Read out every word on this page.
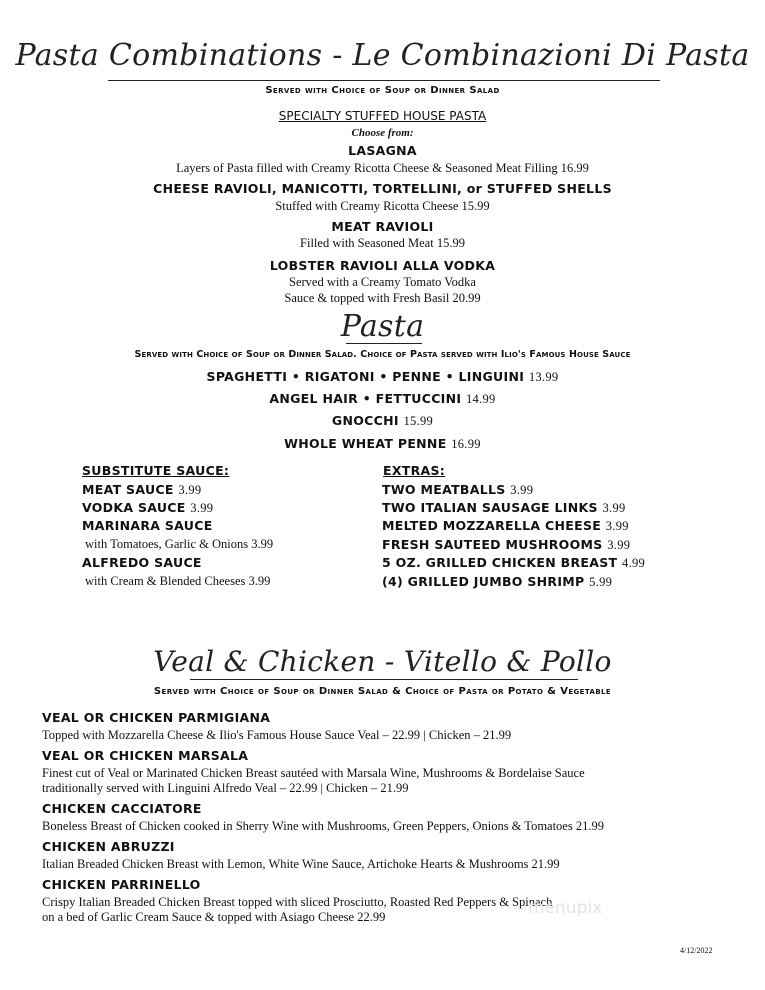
Pasta Combinations - Le Combinazioni Di Pasta
Served with Choice of Soup or Dinner Salad
SPECIALTY STUFFED HOUSE PASTA
Choose from:
LASAGNA
Layers of Pasta filled with Creamy Ricotta Cheese & Seasoned Meat Filling 16.99
CHEESE RAVIOLI, MANICOTTI, TORTELLINI, or STUFFED SHELLS
Stuffed with Creamy Ricotta Cheese 15.99
MEAT RAVIOLI
Filled with Seasoned Meat 15.99
LOBSTER RAVIOLI ALLA VODKA
Served with a Creamy Tomato Vodka
Sauce & topped with Fresh Basil 20.99
Pasta
Served with Choice of Soup or Dinner Salad. Choice of Pasta served with Ilio's Famous House Sauce
SPAGHETTI • RIGATONI • PENNE • LINGUINI 13.99
ANGEL HAIR • FETTUCCINI 14.99
GNOCCHI 15.99
WHOLE WHEAT PENNE 16.99
SUBSTITUTE SAUCE:
MEAT SAUCE 3.99
VODKA SAUCE 3.99
MARINARA SAUCE
with Tomatoes, Garlic & Onions 3.99
ALFREDO SAUCE
with Cream & Blended Cheeses 3.99
EXTRAS:
TWO MEATBALLS 3.99
TWO ITALIAN SAUSAGE LINKS 3.99
MELTED MOZZARELLA CHEESE 3.99
FRESH SAUTEED MUSHROOMS 3.99
5 OZ. GRILLED CHICKEN BREAST 4.99
(4) GRILLED JUMBO SHRIMP 5.99
Veal & Chicken - Vitello & Pollo
Served with Choice of Soup or Dinner Salad & Choice of Pasta or Potato & Vegetable
VEAL OR CHICKEN PARMIGIANA
Topped with Mozzarella Cheese & Ilio's Famous House Sauce Veal – 22.99 | Chicken – 21.99
VEAL OR CHICKEN MARSALA
Finest cut of Veal or Marinated Chicken Breast sautéed with Marsala Wine, Mushrooms & Bordelaise Sauce
traditionally served with Linguini Alfredo Veal – 22.99 | Chicken – 21.99
CHICKEN CACCIATORE
Boneless Breast of Chicken cooked in Sherry Wine with Mushrooms, Green Peppers, Onions & Tomatoes 21.99
CHICKEN ABRUZZI
Italian Breaded Chicken Breast with Lemon, White Wine Sauce, Artichoke Hearts & Mushrooms 21.99
CHICKEN PARRINELLO
Crispy Italian Breaded Chicken Breast topped with sliced Prosciutto, Roasted Red Peppers & Spinach
on a bed of Garlic Cream Sauce & topped with Asiago Cheese 22.99	menupix
4/12/2022
